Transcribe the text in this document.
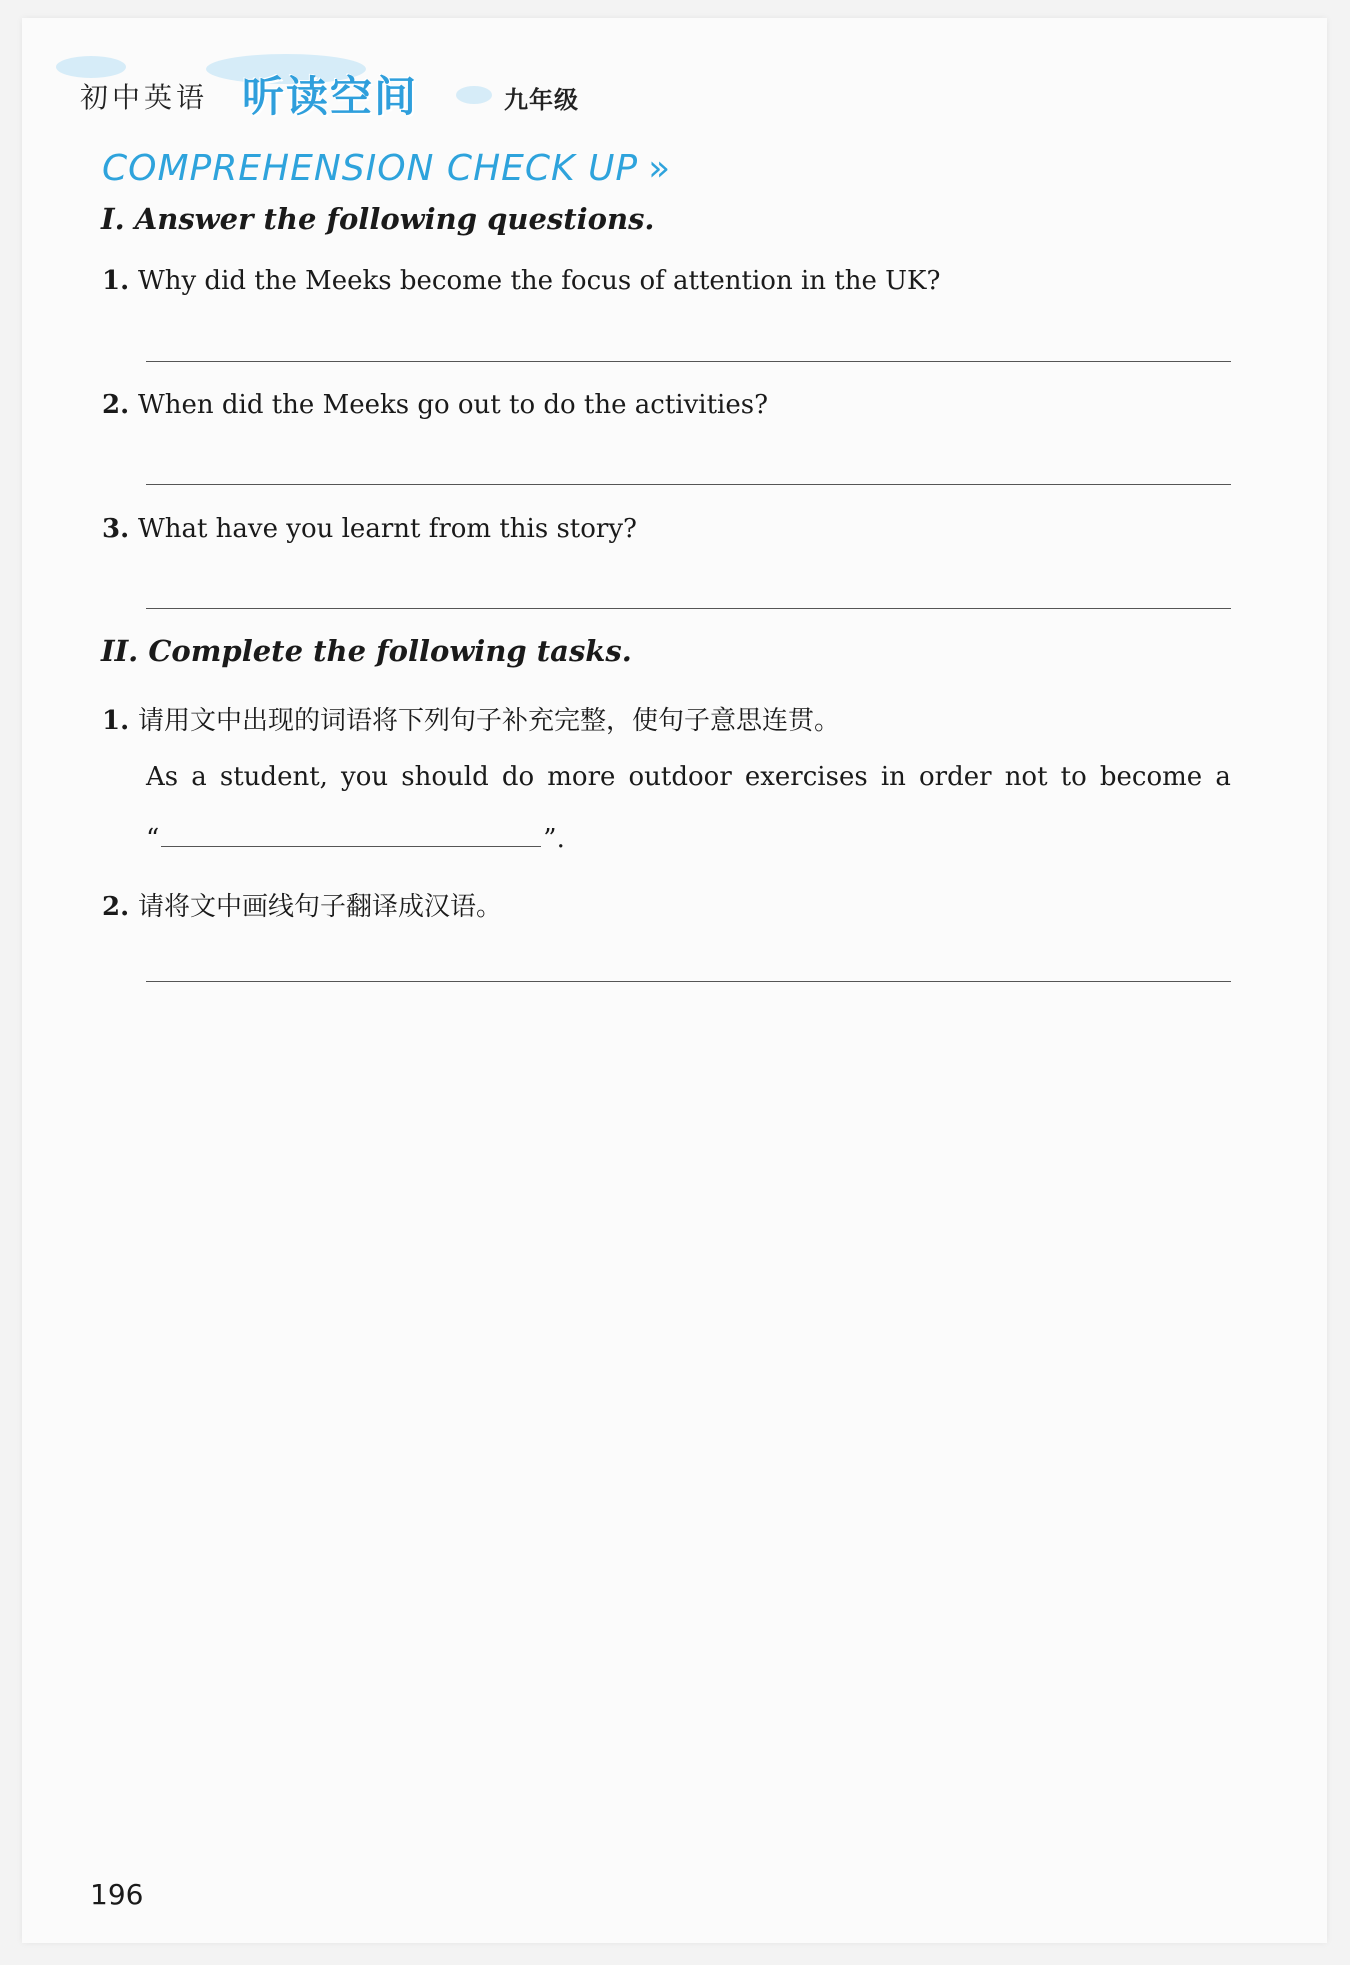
初中英语 听读空间	九年级
COMPREHENSION CHECK UP »
I. Answer the following questions.
1. Why did the Meeks become the focus of attention in the UK?
2. When did the Meeks go out to do the activities?
3. What have you learnt from this story?
II. Complete the following tasks.
1. 请用文中出现的词语将下列句子补充完整，使句子意思连贯。
As a student, you should do more outdoor exercises in order not to become a
“	”.
2. 请将文中画线句子翻译成汉语。
196
